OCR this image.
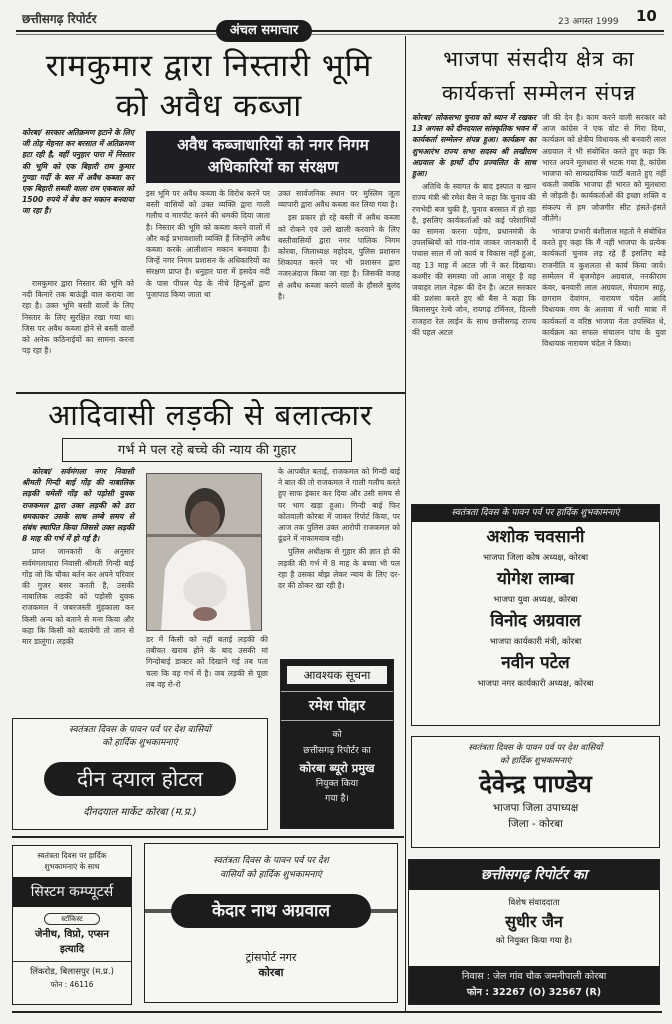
छत्तीसगढ़ रिपोर्टर	23 अगस्त 1999 10
अंचल समाचार
रामकुमार द्वारा निस्तारी भूमि
को अवैध कब्जा
कोरबा/ सरकार अतिक्रमण हटाने के लिए जी तोड़ मेहनत कर बरसात में अतिक्रमण हटा रही है, वहीं पनुहार पारा में निस्तार की भूमि को एक बिहारी राम कुमार गुण्डा गर्दी के बल में अवैध कब्जा कर एक बिहारी सब्जी वाला राम एकबाल को 1500 रुपये में बेच कर मकान बनवाया जा रहा है।

रामकुमार द्वारा निस्तार की भूमि को नदी किनारे तक बाऊंड्री वाल कराया जा रहा है। उक्त भूमि बस्ती वालों के लिए निस्तार के लिए सुरक्षित रखा गया था। जिस पर अवैध कब्जा होने से बस्ती वालों को अनेक कठिनाईयों का सामना करना पड़ रहा है।

अवैध कब्जाधारियों को नगर निगम अधिकारियों का संरक्षण

इस भूमि पर अवैध कब्जा के विरोध करने पर बस्ती वासियों को उक्त व्यक्ति द्वारा गाली गलौच व मारपीट करने की धमकी दिया जाता है। निस्तार की भूमि को कब्जा करने वालों में और कई प्रभावशाली व्यक्ति हैं जिन्होंने अवैध कब्जा करके आलीशान मकान बनवाया है। जिन्हें नगर निगम प्रशासन के अधिकारियों का संरक्षण प्राप्त है। धनुहार पारा में हसदेव नदी के पास पीपल पेड़ के नीचे हिन्दुओं द्वारा पूजापाठ किया जाता था

उक्त सार्वजनिक स्थान पर मुस्लिम जूता व्यापारी द्वारा अवैध कब्जा कर लिया गया है।

इस प्रकार हो रहे बस्ती में अवैध कब्जा को रोकने एवं उसे खाली करवाने के लिए बस्तीवासियों द्वारा नगर पालिक निगम कोरबा, जिलाध्यक्ष महोदय, पुलिस प्रशासन शिकायत करने पर भी प्रशासन द्वारा नजरअंदाज किया जा रहा है। जिसकी वजह से अवैध कब्जा करने वालों के हौसले बुलंद है।

आदिवासी लड़की से बलात्कार
गर्भ मे पल रहे बच्चे की न्याय की गुहार

कोरबा/ सर्वमंगला नगर निवासी श्रीमती गिन्दी बाई गोंड़ की नाबालिक लड़की चमेली गोंड़ को पड़ोसी युवक राजकमल द्वारा उक्त लड़की को डरा धमकाकर उसके साथ लम्बे समय से संबंध स्थापित किया जिससे उक्त लड़की 8 माह की गर्भ में हो गई है।

प्राप्त जानकारी के अनुसार सर्वमंगलापारा निवासी श्रीमती गिन्दी बाई गोंड़ जो कि चौका बर्तन कर अपने परिवार की गुजर बसर करती है, उसकी नाबालिक लड़की को पड़ोसी युवक राजकमल ने जबरजस्ती मुंहकाला कर किसी अन्य को बताने से मना किया और कहा कि किसी को बतायेगी तो जान से मार डालूंगा। लड़की	डर में किसी को नहीं बताई लड़की की तबीयत खराब होने के बाद उसकी मां गिन्दोबाई डाक्टर को दिखाने गई तब पता चला कि वह गर्भ में है। जब लड़की से पूछा तब वह रो-रो

के आपबीत बताई, राजकमल को गिन्दी बाई ने बात की तो राजकमल ने गाली गलौच करते हुए साफ इंकार कर दिया और उसी समय से घर भाग खड़ा हुआ। गिन्दी बाई फिर कोतवाली कोरबा में जाकर रिपोर्ट किया, पर आज तक पुलिस उक्त आरोपी राजकमल को ढूंढने में नाकामयाब रही।

पुलिस अधीक्षक से गुहार की ज्ञात हो की लड़की की गर्भ में 8 माह के बच्चा भी पल रहा है उसका बोझ लेकर न्याय के लिए दर-दर की ठोकर खा रही है।

भाजपा संसदीय क्षेत्र का
कार्यकर्त्ता सम्मेलन संपन्न

कोरबा/ लोकसभा चुनाव को ध्यान में रखकर 13 अगस्त को दीनदयाल सांस्कृतिक भवन में कार्यकर्ता सम्मेलन संपन्न हुआ। कार्यक्रम का शुभआरंभ राज्य सभा सदस्य श्री लखीराम अग्रवाल के हाथों दीप प्रज्वलित के साथ हुआ।

अतिथि के स्वागत के बाद इस्पात व खान राज्य मंत्री श्री रमेश बैस ने कहा कि चुनाव की रणभेदी बज चुकी है, चुनाव बरसात में हो रहा है, इसलिए कार्यकर्ताओं को कई परेशानियों का सामना करना पड़ेगा, प्रधानमंत्री के उपलब्धियों को गांव-गांव जाकर जानकारी दें पचास साल में जो कार्य व विकास नहीं हुआ, वह 13 माह में अटल जी ने कर दिखाया। कश्मीर की समस्या जो आज नासूर है वह जवाहर लाल नेहरू की देन है। अटल सरकार की प्रशंसा करते हुए श्री बैस ने कहा कि बिलासपुर रेल्वे जोन, रायगढ़ टर्मिनल, दिल्ली राजहरा रेल लाईन के साथ छत्तीसगढ़ राज्य की पहल अटल

जी की देन है। काम करने वाली सरकार को आज कांग्रेस ने एक वोट से गिरा दिया, कार्यक्रम को क्षेत्रीय विधायक श्री बनवारी लाल अग्रवाल ने भी संबोधित करते हुए कहा कि भारत अपने मूलधारा से भटक गया है, कांग्रेस भाजपा को साम्प्रदायिक पार्टी बताते हुए नहीं थकती जबकि भाजपा ही भारत को मूलधारा से जोड़ती है। कार्यकर्ताओं की इच्छा शक्ति व संकल्प से हम जोजगीर सीट हंसते-हंसते जीतेंगे।

भाजपा प्रभारी बंशीलाल महतो ने संबोधित करते हुए कहा कि मैं नहीं भाजपा के प्रत्येक कार्यकर्ता चुनाव लड़ रहे हैं इसलिए बड़े राजनीति व कुशलता से कार्य किया जाये। सम्मेलन में बृजमोहन अग्रवाल, ननकीराम कंवर, बनवारी लाल अग्रवाल, मेघाराम साहू, छगराम देवांगन, नारायण चंदेल आदि विधायक गण के अलावा में भारी मात्रा में कार्यकर्ता व वरिष्ठ भाजपा नेता उपस्थित थे, कार्यक्रम का सफल संचालन पांच के युवा विधायक नारायण चंदेल ने किया।

स्वतंत्रता दिवस के पावन पर्व पर हार्दिक शुभकामनाएं
अशोक चवसानी
भाजपा जिला कोष अध्यक्ष, कोरबा
योगेश लाम्बा
भाजपा युवा अध्यक्ष, कोरबा
विनोद अग्रवाल
भाजपा कार्यकारी मंत्री, कोरबा
नवीन पटेल
भाजपा नगर कार्यकारी अध्यक्ष, कोरबा
आवश्यक सूचना
रमेश पोद्दार
को
छत्तीसगढ़ रिपोर्टर का
कोरबा ब्यूरो प्रमुख
नियुक्त किया
गया है।
स्वतंत्रता दिवस के पावन पर्व पर देश वासियों
को हार्दिक शुभकामनाएं
दीन दयाल होटल
दीनदयाल मार्केट कोरबा (म.प्र.)
स्वतंत्रता दिवस के पावन पर्व पर देश वासियों
को हार्दिक शुभकामनाएं
देवेन्द्र पाण्डेय
भाजपा जिला उपाध्यक्ष
जिला - कोरबा
स्वतंत्रता दिवस पर हार्दिक
शुभकामनाएं के साथ
सिस्टम कम्प्यूटर्स
स्टॉकिस्ट
जेनीथ, विप्रो, एप्सन
इत्यादि
लिंकरोड, बिलासपुर (म.प्र.)
फोन : 46116
स्वतंत्रता दिवस के पावन पर्व पर देश
वासियों को हार्दिक शुभकामनाएं
केदार नाथ अग्रवाल
ट्रांसपोर्ट नगर
कोरबा
छत्तीसगढ़ रिपोर्टर का
विशेष संवाददाता
सुधीर जैन
को नियुक्त किया गया है।
निवास : जेल गांव चौक जमनीपाली कोरबा
फोन : 32267 (O) 32567 (R)
